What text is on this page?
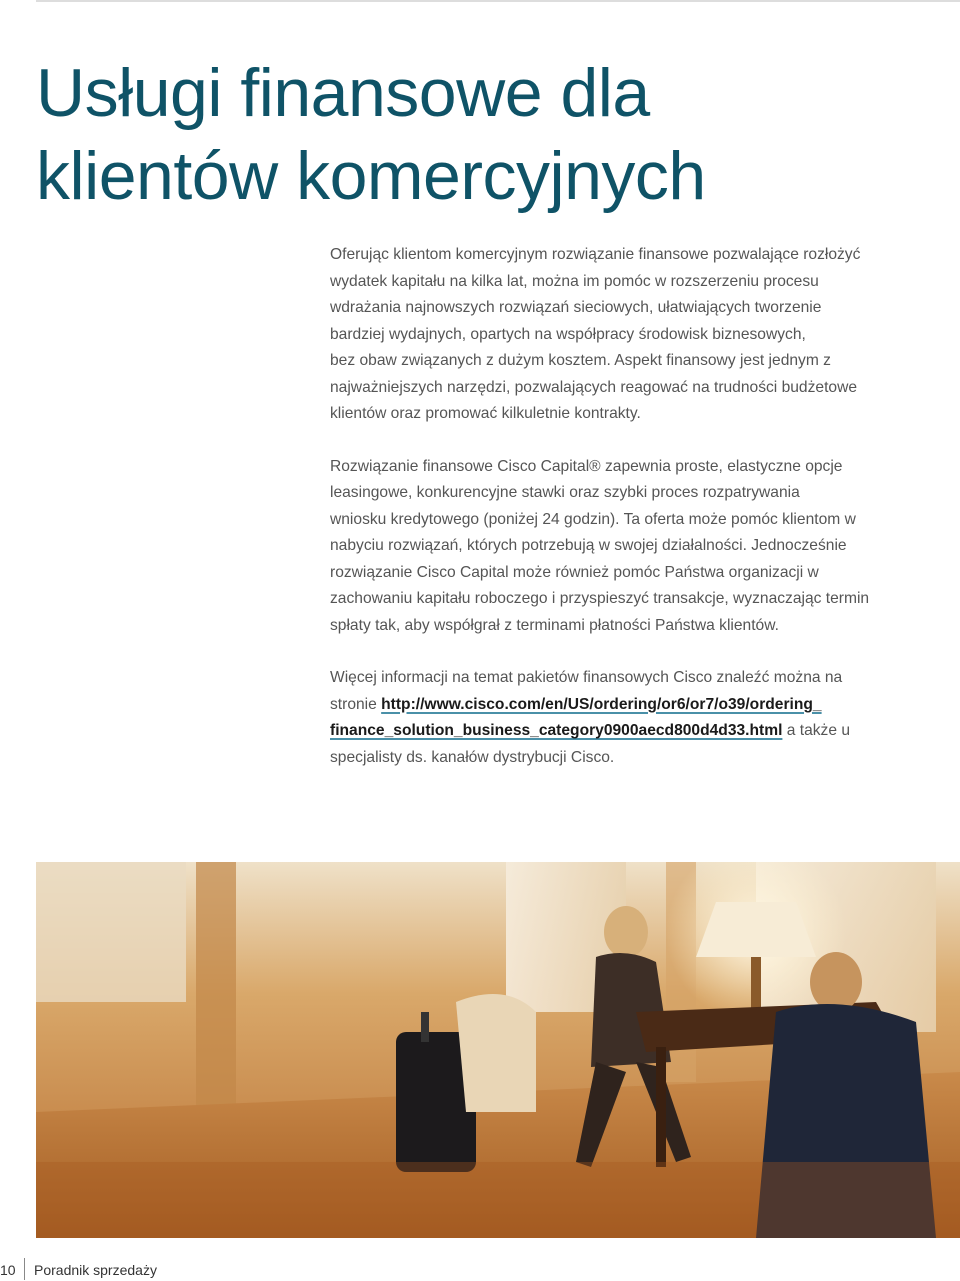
Usługi finansowe dla
klientów komercyjnych

Oferując klientom komercyjnym rozwiązanie finansowe pozwalające rozłożyć
wydatek kapitału na kilka lat, można im pomóc w rozszerzeniu procesu
wdrażania najnowszych rozwiązań sieciowych, ułatwiających tworzenie
bardziej wydajnych, opartych na współpracy środowisk biznesowych,
bez obaw związanych z dużym kosztem. Aspekt finansowy jest jednym z
najważniejszych narzędzi, pozwalających reagować na trudności budżetowe
klientów oraz promować kilkuletnie kontrakty.

Rozwiązanie finansowe Cisco Capital® zapewnia proste, elastyczne opcje
leasingowe, konkurencyjne stawki oraz szybki proces rozpatrywania
wniosku kredytowego (poniżej 24 godzin). Ta oferta może pomóc klientom w
nabyciu rozwiązań, których potrzebują w swojej działalności. Jednocześnie
rozwiązanie Cisco Capital może również pomóc Państwa organizacji w
zachowaniu kapitału roboczego i przyspieszyć transakcje, wyznaczając termin
spłaty tak, aby współgrał z terminami płatności Państwa klientów.

Więcej informacji na temat pakietów finansowych Cisco znaleźć można na
stronie http://www.cisco.com/en/US/ordering/or6/or7/o39/ordering_
finance_solution_business_category0900aecd800d4d33.html a także u
specjalisty ds. kanałów dystrybucji Cisco.

10	Poradnik sprzedaży
